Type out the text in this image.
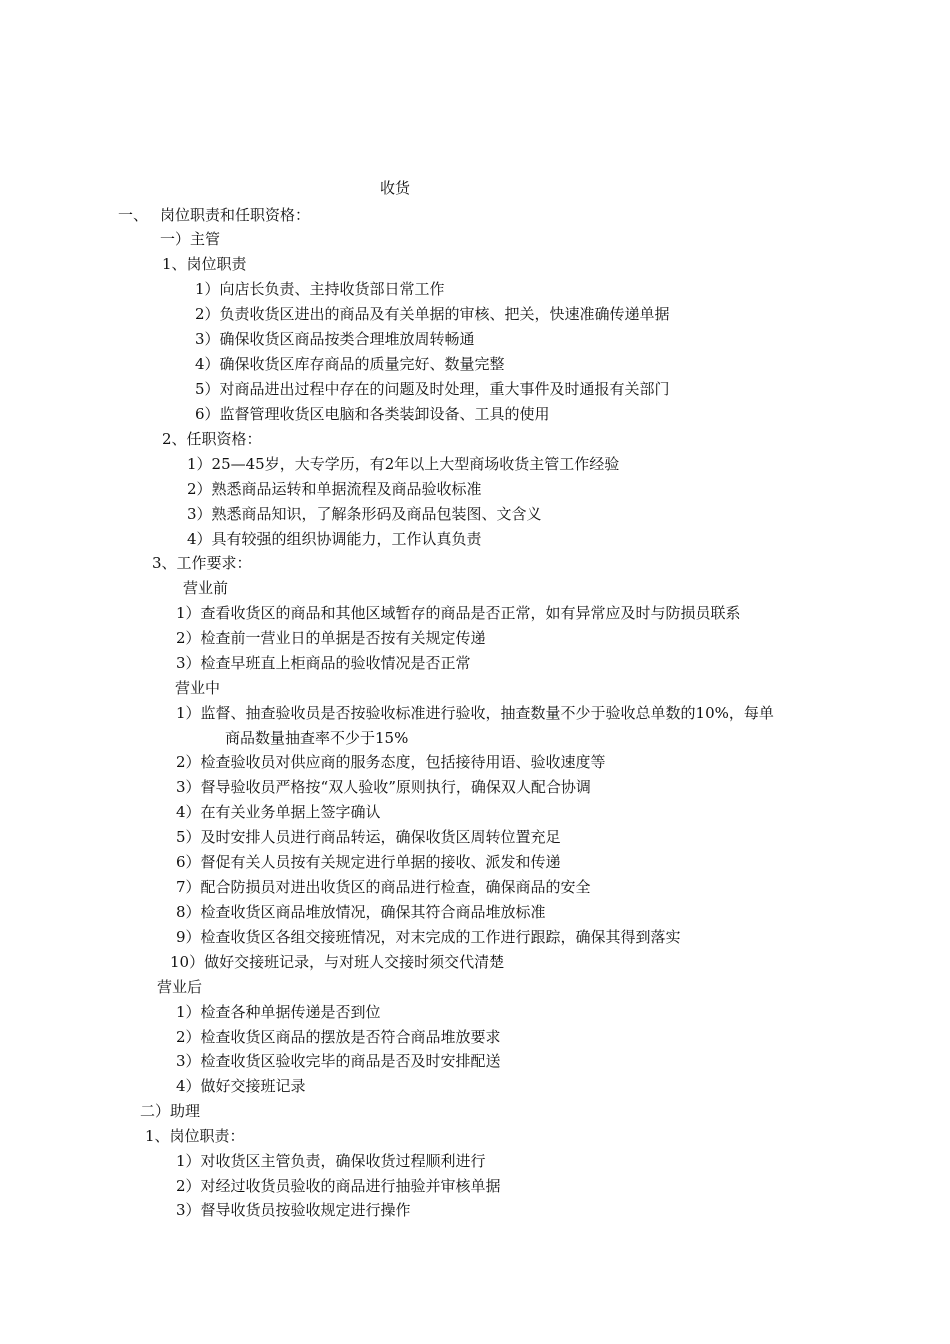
收货
一、 岗位职责和任职资格：
一）主管
1、岗位职责
1）向店长负责、主持收货部日常工作
2）负责收货区进出的商品及有关单据的审核、把关，快速准确传递单据
3）确保收货区商品按类合理堆放周转畅通
4）确保收货区库存商品的质量完好、数量完整
5）对商品进出过程中存在的问题及时处理，重大事件及时通报有关部门
6）监督管理收货区电脑和各类装卸设备、工具的使用
2、任职资格：
1）25—45岁，大专学历，有2年以上大型商场收货主管工作经验
2）熟悉商品运转和单据流程及商品验收标准
3）熟悉商品知识，了解条形码及商品包装图、文含义
4）具有较强的组织协调能力，工作认真负责
3、工作要求：
营业前
1）查看收货区的商品和其他区域暂存的商品是否正常，如有异常应及时与防损员联系
2）检查前一营业日的单据是否按有关规定传递
3）检查早班直上柜商品的验收情况是否正常
营业中
1）监督、抽查验收员是否按验收标准进行验收，抽查数量不少于验收总单数的10%，每单
商品数量抽查率不少于15%
2）检查验收员对供应商的服务态度，包括接待用语、验收速度等
3）督导验收员严格按“双人验收”原则执行，确保双人配合协调
4）在有关业务单据上签字确认
5）及时安排人员进行商品转运，确保收货区周转位置充足
6）督促有关人员按有关规定进行单据的接收、派发和传递
7）配合防损员对进出收货区的商品进行检查，确保商品的安全
8）检查收货区商品堆放情况，确保其符合商品堆放标准
9）检查收货区各组交接班情况，对末完成的工作进行跟踪，确保其得到落实
10）做好交接班记录，与对班人交接时须交代清楚
营业后
1）检查各种单据传递是否到位
2）检查收货区商品的摆放是否符合商品堆放要求
3）检查收货区验收完毕的商品是否及时安排配送
4）做好交接班记录
二）助理
1、岗位职责：
1）对收货区主管负责，确保收货过程顺利进行
2）对经过收货员验收的商品进行抽验并审核单据
3）督导收货员按验收规定进行操作
